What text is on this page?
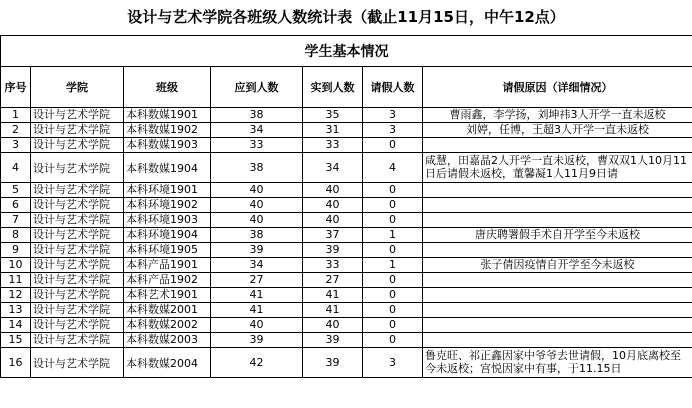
设计与艺术学院各班级人数统计表（截止11月15日，中午12点）
学生基本情况						
序号	学院	班级	应到人数	实到人数	请假人数	请假原因（详细情况）
1	设计与艺术学院	本科数媒1901	38	35	3	曹雨鑫，李学扬，刘坤祎3人开学一直未返校
2	设计与艺术学院	本科数媒1902	34	31	3	刘婷，任博，王超3人开学一直未返校
3	设计与艺术学院	本科数媒1903	33	33	0	
4	设计与艺术学院	本科数媒1904	38	34	4	咸慧，田嘉晶2人开学一直未返校，曹双双1人10月11日后请假未返校，董馨凝1人11月9日请
5	设计与艺术学院	本科环境1901	40	40	0	
6	设计与艺术学院	本科环境1902	40	40	0	
7	设计与艺术学院	本科环境1903	40	40	0	
8	设计与艺术学院	本科环境1904	38	37	1	唐庆聘署假手术自开学至今未返校
9	设计与艺术学院	本科环境1905	39	39	0	
10	设计与艺术学院	本科产品1901	34	33	1	张子倩因疫情自开学至今未返校
11	设计与艺术学院	本科产品1902	27	27	0	
12	设计与艺术学院	本科艺术1901	41	41	0	
13	设计与艺术学院	本科数媒2001	41	41	0	
14	设计与艺术学院	本科数媒2002	40	40	0	
15	设计与艺术学院	本科数媒2003	39	39	0	
16	设计与艺术学院	本科数媒2004	42	39	3	鲁克旺、祁正鑫因家中爷爷去世请假，10月底离校至今未返校；宫悦因家中有事，于11.15日
